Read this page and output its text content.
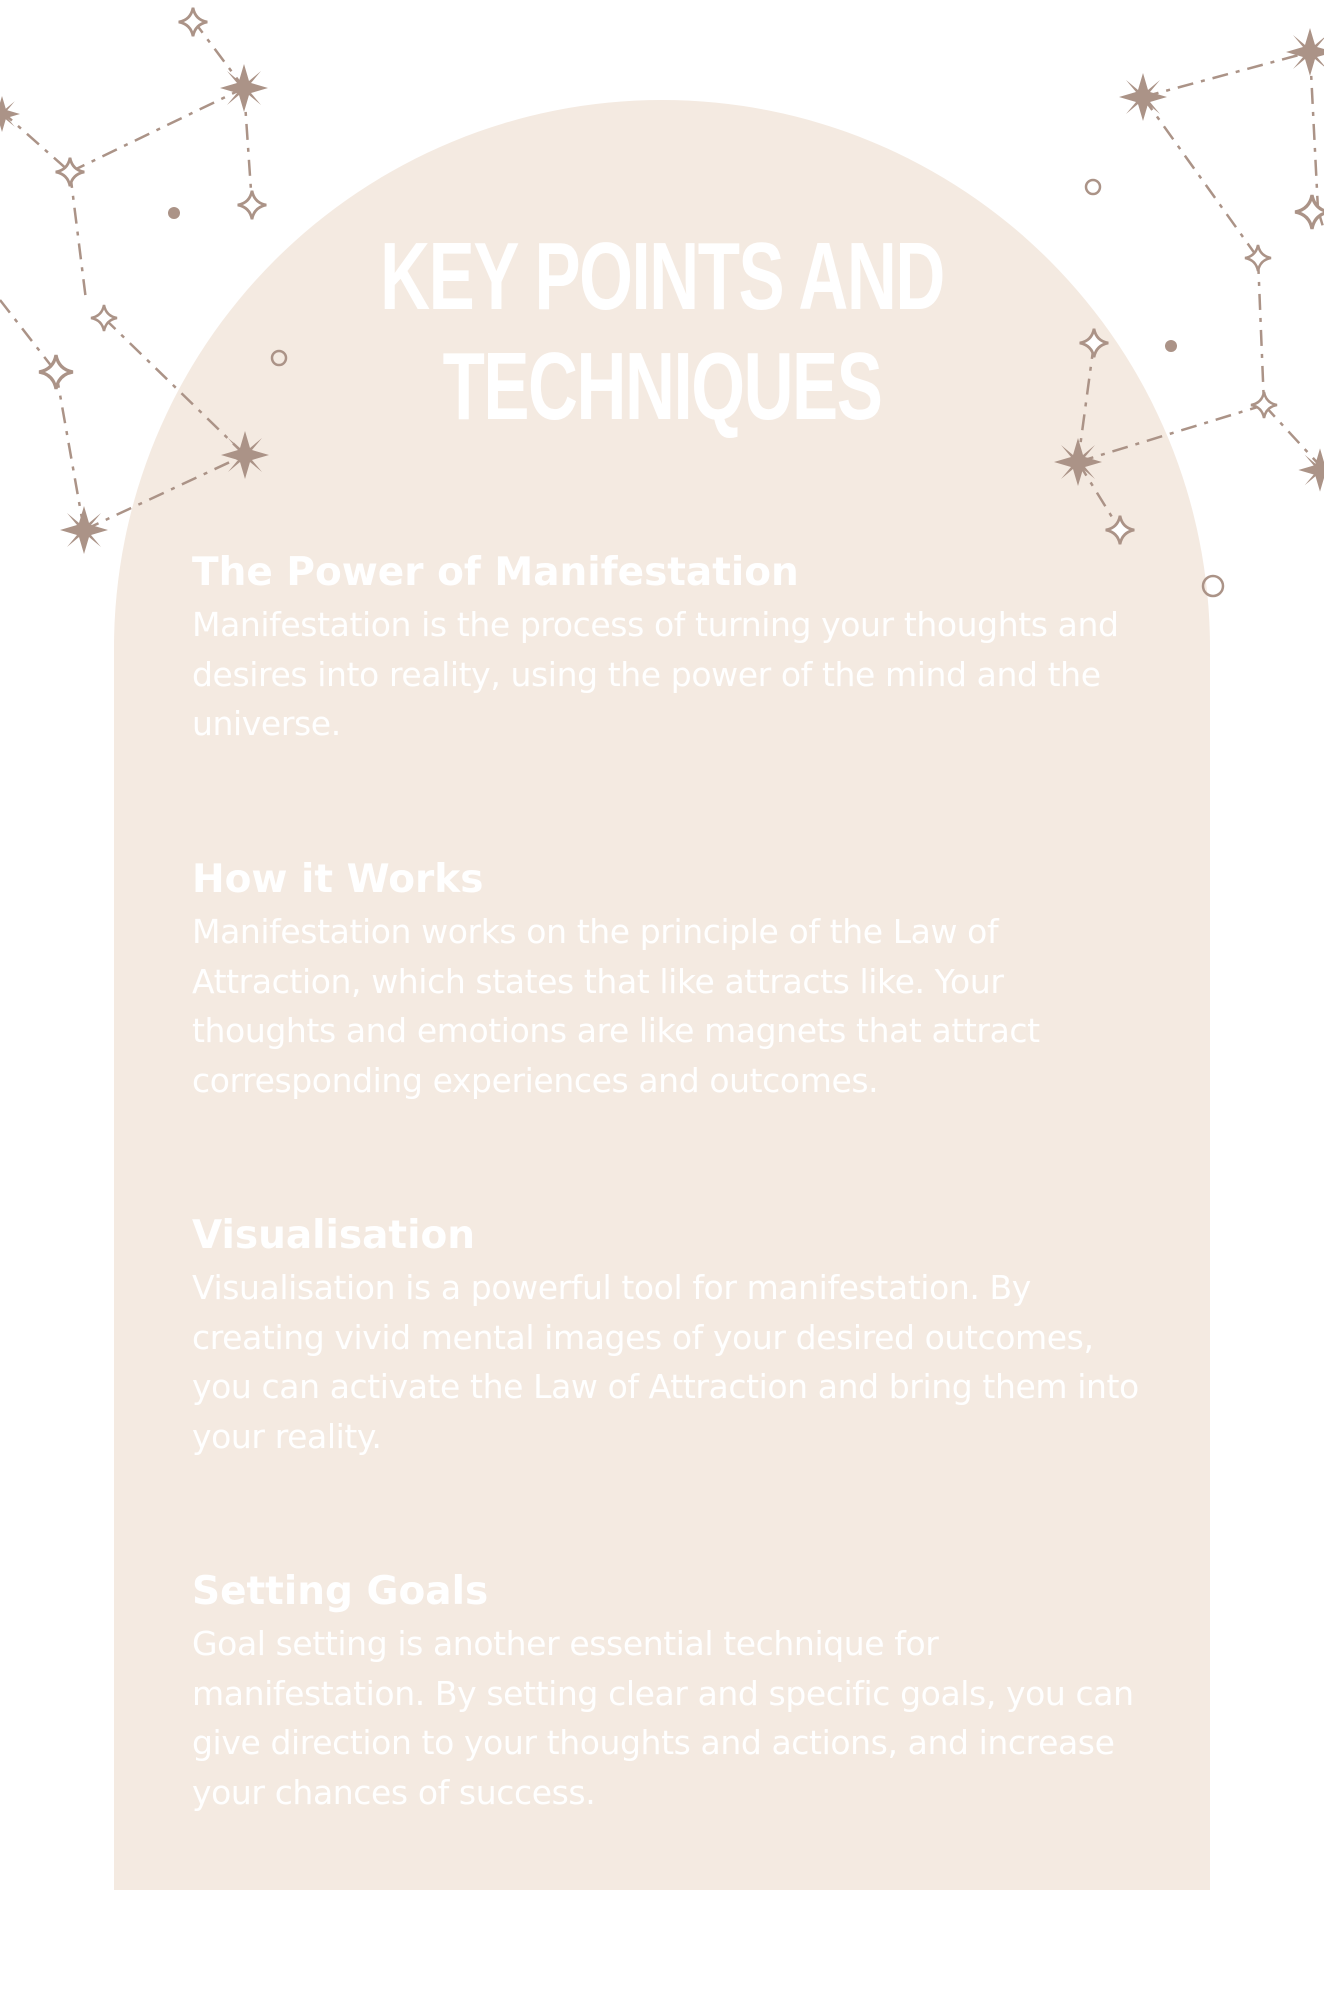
KEY POINTS AND
TECHNIQUES
The Power of Manifestation

Manifestation is the process of turning your thoughts and desires into reality, using the power of the mind and the universe.

How it Works

Manifestation works on the principle of the Law of Attraction, which states that like attracts like. Your thoughts and emotions are like magnets that attract corresponding experiences and outcomes.

Visualisation

Visualisation is a powerful tool for manifestation. By creating vivid mental images of your desired outcomes, you can activate the Law of Attraction and bring them into your reality.

Setting Goals

Goal setting is another essential technique for manifestation. By setting clear and specific goals, you can give direction to your thoughts and actions, and increase your chances of success.
